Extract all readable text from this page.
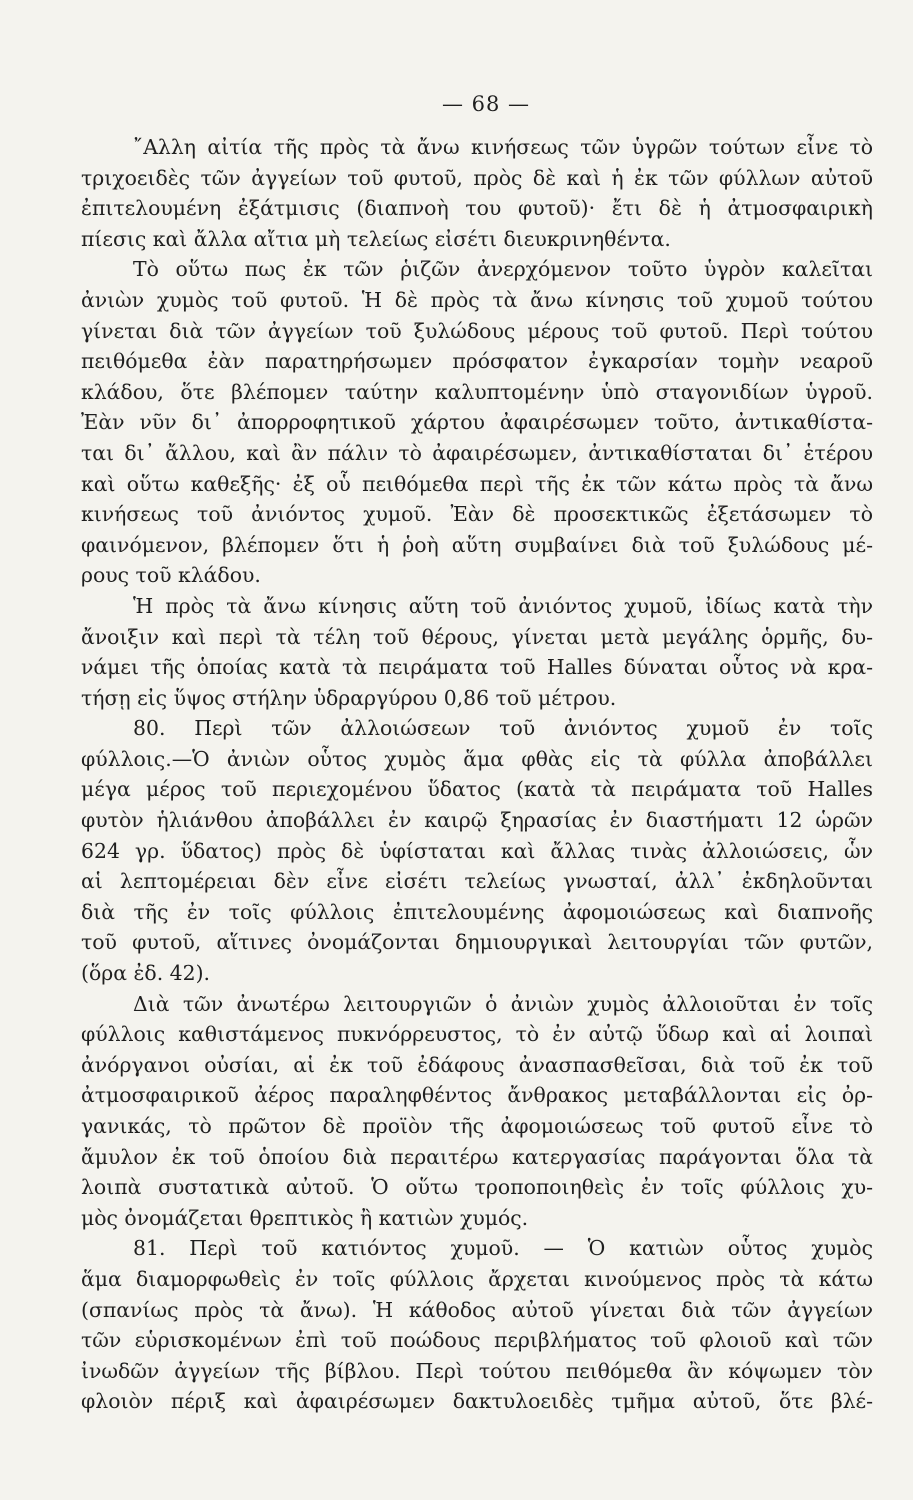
— 68 —
῎Αλλη αἰτία τῆς πρὸς τὰ ἄνω κινήσεως τῶν ὑγρῶν τούτων εἶνε τὸ
τριχοειδὲς τῶν ἀγγείων τοῦ φυτοῦ, πρὸς δὲ καὶ ἡ ἐκ τῶν φύλλων αὐτοῦ
ἐπιτελουμένη ἐξάτμισις (διαπνοὴ του φυτοῦ)· ἔτι δὲ ἡ ἀτμοσφαιρικὴ
πίεσις καὶ ἄλλα αἴτια μὴ τελείως εἰσέτι διευκρινηθέντα.
Τὸ οὕτω πως ἐκ τῶν ῥιζῶν ἀνερχόμενον τοῦτο ὑγρὸν καλεῖται
ἀνιὼν χυμὸς τοῦ φυτοῦ. Ἡ δὲ πρὸς τὰ ἄνω κίνησις τοῦ χυμοῦ τούτου
γίνεται διὰ τῶν ἀγγείων τοῦ ξυλώδους μέρους τοῦ φυτοῦ. Περὶ τούτου
πειθόμεθα ἐὰν παρατηρήσωμεν πρόσφατον ἐγκαρσίαν τομὴν νεαροῦ
κλάδου, ὅτε βλέπομεν ταύτην καλυπτομένην ὑπὸ σταγονιδίων ὑγροῦ.
Ἐὰν νῦν δι᾽ ἀπορροφητικοῦ χάρτου ἀφαιρέσωμεν τοῦτο, ἀντικαθίστα-
ται δι᾽ ἄλλου, καὶ ἂν πάλιν τὸ ἀφαιρέσωμεν, ἀντικαθίσταται δι᾽ ἑτέρου
καὶ οὕτω καθεξῆς· ἐξ οὗ πειθόμεθα περὶ τῆς ἐκ τῶν κάτω πρὸς τὰ ἄνω
κινήσεως τοῦ ἀνιόντος χυμοῦ. Ἐὰν δὲ προσεκτικῶς ἐξετάσωμεν τὸ
φαινόμενον, βλέπομεν ὅτι ἡ ῥοὴ αὕτη συμβαίνει διὰ τοῦ ξυλώδους μέ-
ρους τοῦ κλάδου.
Ἡ πρὸς τὰ ἄνω κίνησις αὕτη τοῦ ἀνιόντος χυμοῦ, ἰδίως κατὰ τὴν
ἄνοιξιν καὶ περὶ τὰ τέλη τοῦ θέρους, γίνεται μετὰ μεγάλης ὁρμῆς, δυ-
νάμει τῆς ὁποίας κατὰ τὰ πειράματα τοῦ Halles δύναται οὗτος νὰ κρα-
τήσῃ εἰς ὕψος στήλην ὑδραργύρου 0,86 τοῦ μέτρου.
80. Περὶ τῶν ἀλλοιώσεων τοῦ ἀνιόντος χυμοῦ ἐν τοῖς
φύλλοις.—Ὁ ἀνιὼν οὗτος χυμὸς ἅμα φθὰς εἰς τὰ φύλλα ἀποβάλλει
μέγα μέρος τοῦ περιεχομένου ὕδατος (κατὰ τὰ πειράματα τοῦ Halles
φυτὸν ἡλιάνθου ἀποβάλλει ἐν καιρῷ ξηρασίας ἐν διαστήματι 12 ὡρῶν
624 γρ. ὕδατος) πρὸς δὲ ὑφίσταται καὶ ἄλλας τινὰς ἀλλοιώσεις, ὧν
αἱ λεπτομέρειαι δὲν εἶνε εἰσέτι τελείως γνωσταί, ἀλλ᾽ ἐκδηλοῦνται
διὰ τῆς ἐν τοῖς φύλλοις ἐπιτελουμένης ἀφομοιώσεως καὶ διαπνοῆς
τοῦ φυτοῦ, αἵτινες ὀνομάζονται δημιουργικαὶ λειτουργίαι τῶν φυτῶν,
(ὅρα ἐδ. 42).
Διὰ τῶν ἀνωτέρω λειτουργιῶν ὁ ἀνιὼν χυμὸς ἀλλοιοῦται ἐν τοῖς
φύλλοις καθιστάμενος πυκνόρρευστος, τὸ ἐν αὐτῷ ὕδωρ καὶ αἱ λοιπαὶ
ἀνόργανοι οὐσίαι, αἱ ἐκ τοῦ ἐδάφους ἀνασπασθεῖσαι, διὰ τοῦ ἐκ τοῦ
ἀτμοσφαιρικοῦ ἀέρος παραληφθέντος ἄνθρακος μεταβάλλονται εἰς ὀρ-
γανικάς, τὸ πρῶτον δὲ προϊὸν τῆς ἀφομοιώσεως τοῦ φυτοῦ εἶνε τὸ
ἄμυλον ἐκ τοῦ ὁποίου διὰ περαιτέρω κατεργασίας παράγονται ὅλα τὰ
λοιπὰ συστατικὰ αὐτοῦ. Ὁ οὕτω τροποποιηθεὶς ἐν τοῖς φύλλοις χυ-
μὸς ὀνομάζεται θρεπτικὸς ἢ κατιὼν χυμός.
81. Περὶ τοῦ κατιόντος χυμοῦ. — Ὁ κατιὼν οὗτος χυμὸς
ἅμα διαμορφωθεὶς ἐν τοῖς φύλλοις ἄρχεται κινούμενος πρὸς τὰ κάτω
(σπανίως πρὸς τὰ ἄνω). Ἡ κάθοδος αὐτοῦ γίνεται διὰ τῶν ἀγγείων
τῶν εὑρισκομένων ἐπὶ τοῦ ποώδους περιβλήματος τοῦ φλοιοῦ καὶ τῶν
ἰνωδῶν ἀγγείων τῆς βίβλου. Περὶ τούτου πειθόμεθα ἂν κόψωμεν τὸν
φλοιὸν πέριξ καὶ ἀφαιρέσωμεν δακτυλοειδὲς τμῆμα αὐτοῦ, ὅτε βλέ-
